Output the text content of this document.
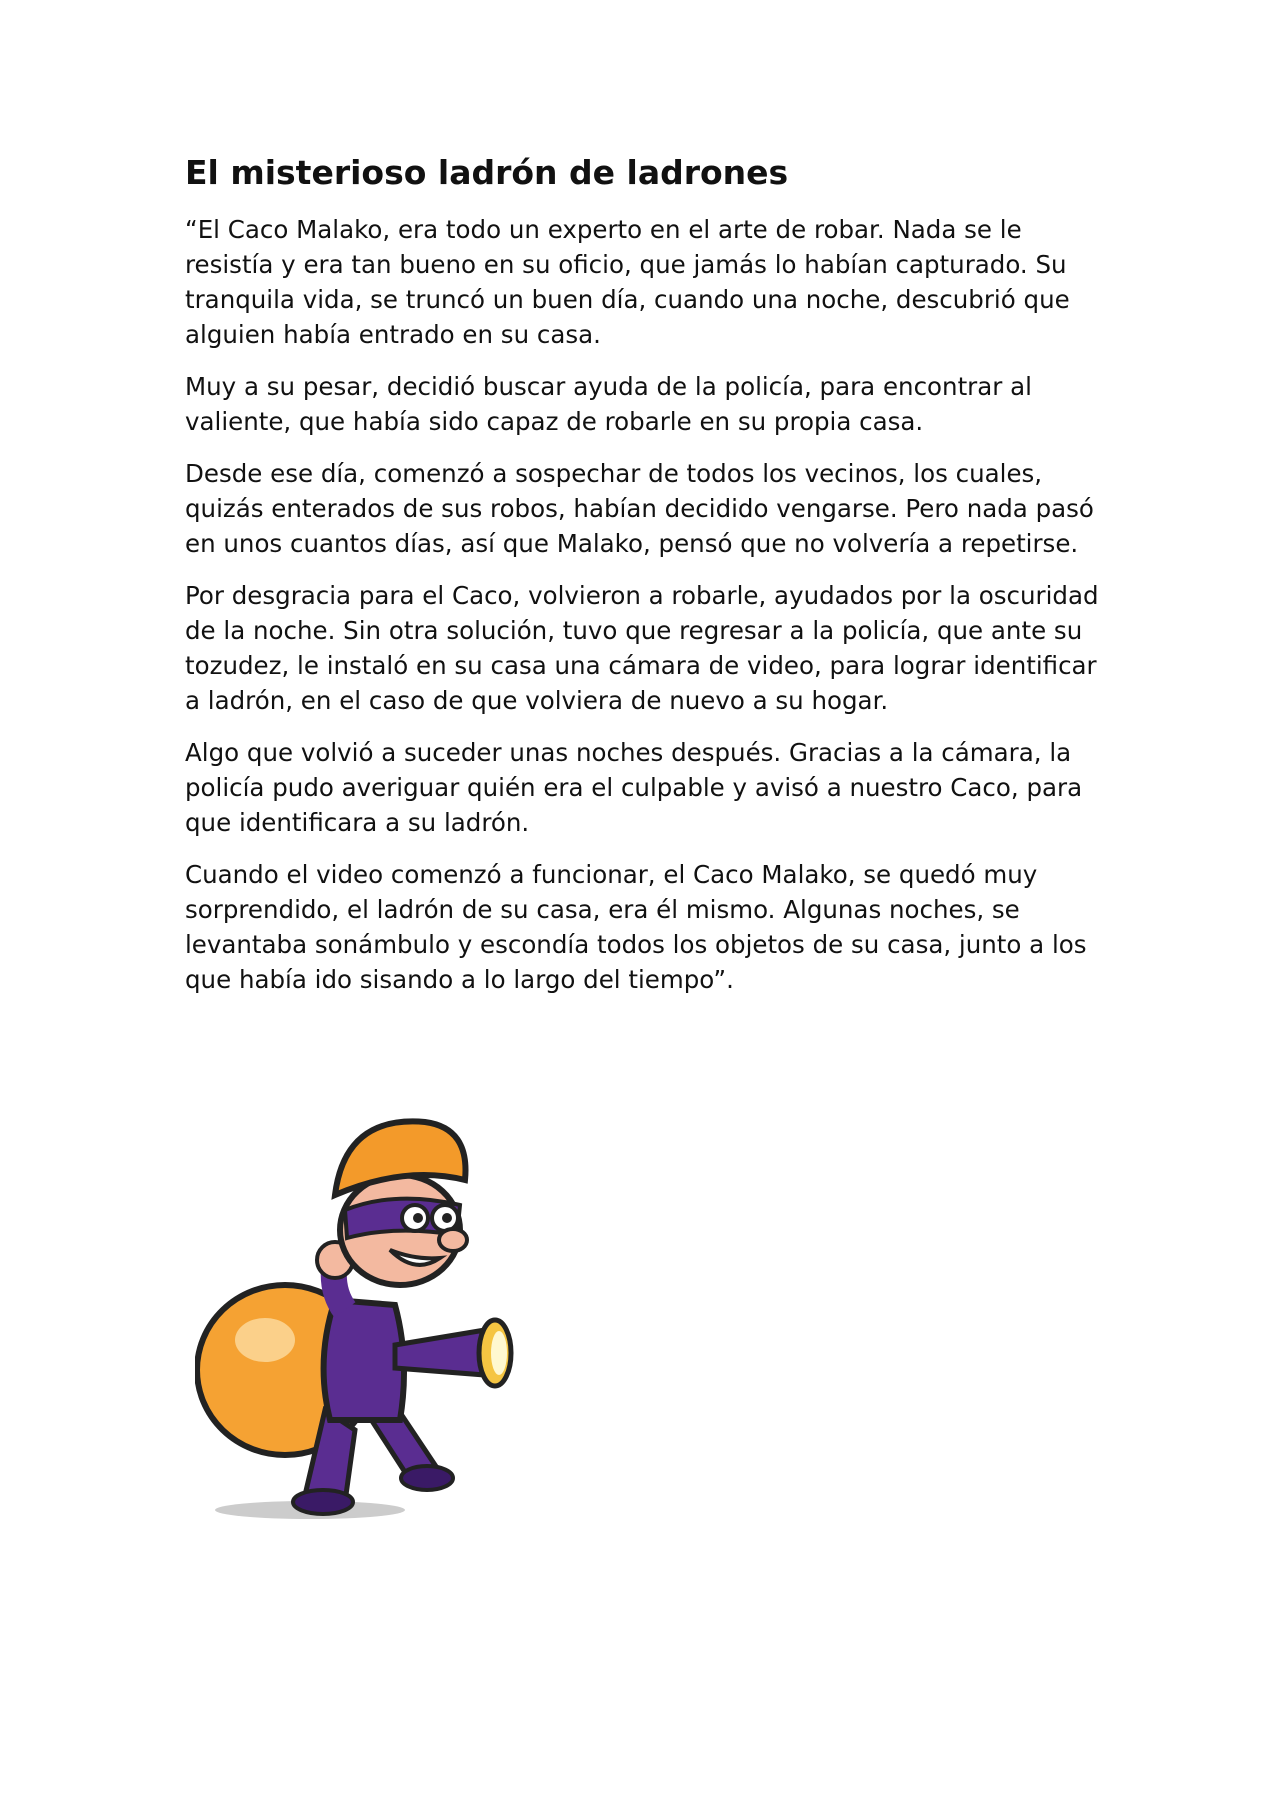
El misterioso ladrón de ladrones

“El Caco Malako, era todo un experto en el arte de robar. Nada se le resistía y era tan bueno en su oficio, que jamás lo habían capturado. Su tranquila vida, se truncó un buen día, cuando una noche, descubrió que alguien había entrado en su casa.

Muy a su pesar, decidió buscar ayuda de la policía, para encontrar al valiente, que había sido capaz de robarle en su propia casa.

Desde ese día, comenzó a sospechar de todos los vecinos, los cuales, quizás enterados de sus robos, habían decidido vengarse. Pero nada pasó en unos cuantos días, así que Malako, pensó que no volvería a repetirse.

Por desgracia para el Caco, volvieron a robarle, ayudados por la oscuridad de la noche. Sin otra solución, tuvo que regresar a la policía, que ante su tozudez, le instaló en su casa una cámara de video, para lograr identificar a ladrón, en el caso de que volviera de nuevo a su hogar.

Algo que volvió a suceder unas noches después. Gracias a la cámara, la policía pudo averiguar quién era el culpable y avisó a nuestro Caco, para que identificara a su ladrón.

Cuando el video comenzó a funcionar, el Caco Malako, se quedó muy sorprendido, el ladrón de su casa, era él mismo. Algunas noches, se levantaba sonámbulo y escondía todos los objetos de su casa, junto a los que había ido sisando a lo largo del tiempo”.
